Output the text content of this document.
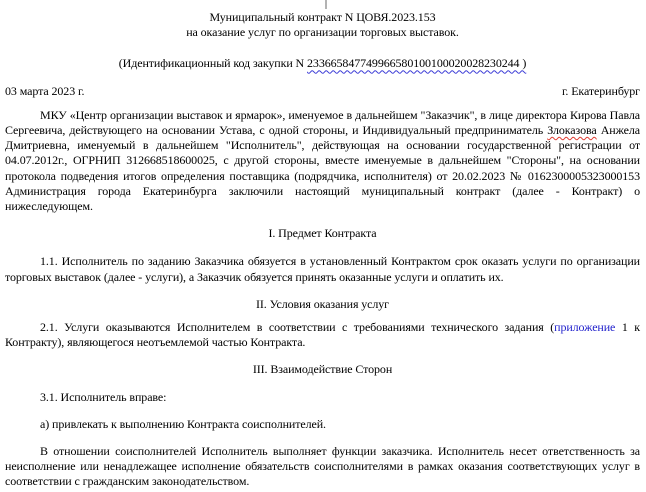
Муниципальный контракт N ЦОВЯ.2023.153

на оказание услуг по организации торговых выставок.

(Идентификационный код закупки N 233665847749966580100100020028230244 )

03 марта 2023 г.	г. Екатеринбург

МКУ «Центр организации выставок и ярмарок», именуемое в дальнейшем "Заказчик", в лице директора Кирова Павла Сергеевича, действующего на основании Устава, с одной стороны, и Индивидуальный предприниматель Злоказова Анжела Дмитриевна, именуемый в дальнейшем "Исполнитель", действующая на основании государственной регистрации от 04.07.2012г., ОГРНИП 312668518600025, с другой стороны, вместе именуемые в дальнейшем "Стороны", на основании протокола подведения итогов определения поставщика (подрядчика, исполнителя) от 20.02.2023 № 0162300005323000153 Администрация города Екатеринбурга заключили настоящий муниципальный контракт (далее - Контракт) о нижеследующем.

I. Предмет Контракта

1.1. Исполнитель по заданию Заказчика обязуется в установленный Контрактом срок оказать услуги по организации торговых выставок (далее - услуги), а Заказчик обязуется принять оказанные услуги и оплатить их.

II. Условия оказания услуг

2.1. Услуги оказываются Исполнителем в соответствии с требованиями технического задания (приложение 1 к Контракту), являющегося неотъемлемой частью Контракта.

III. Взаимодействие Сторон

3.1. Исполнитель вправе:

а) привлекать к выполнению Контракта соисполнителей.

В отношении соисполнителей Исполнитель выполняет функции заказчика. Исполнитель несет ответственность за неисполнение или ненадлежащее исполнение обязательств соисполнителями в рамках оказания соответствующих услуг в соответствии с гражданским законодательством.
